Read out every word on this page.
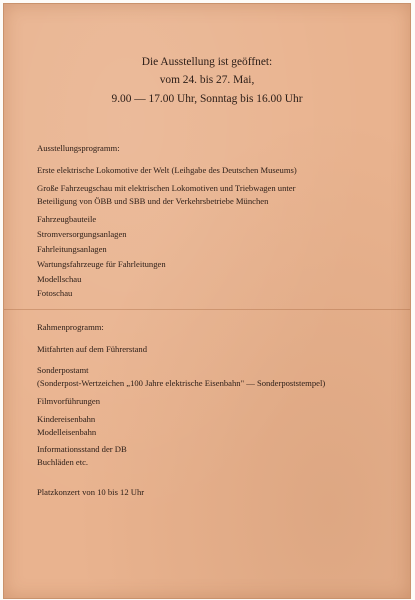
Die Ausstellung ist geöffnet:
vom 24. bis 27. Mai,
9.00 — 17.00 Uhr, Sonntag bis 16.00 Uhr
Ausstellungsprogramm:
Erste elektrische Lokomotive der Welt (Leihgabe des Deutschen Museums)
Große Fahrzeugschau mit elektrischen Lokomotiven und Triebwagen unter
Beteiligung von ÖBB und SBB und der Verkehrsbetriebe München
Fahrzeugbauteile
Stromversorgungsanlagen
Fahrleitungsanlagen
Wartungsfahrzeuge für Fahrleitungen
Modellschau
Fotoschau
Rahmenprogramm:
Mitfahrten auf dem Führerstand
Sonderpostamt
(Sonderpost-Wertzeichen „100 Jahre elektrische Eisenbahn" — Sonderpoststempel)
Filmvorführungen
Kindereisenbahn
Modelleisenbahn
Informationsstand der DB
Buchläden etc.
Platzkonzert von 10 bis 12 Uhr
